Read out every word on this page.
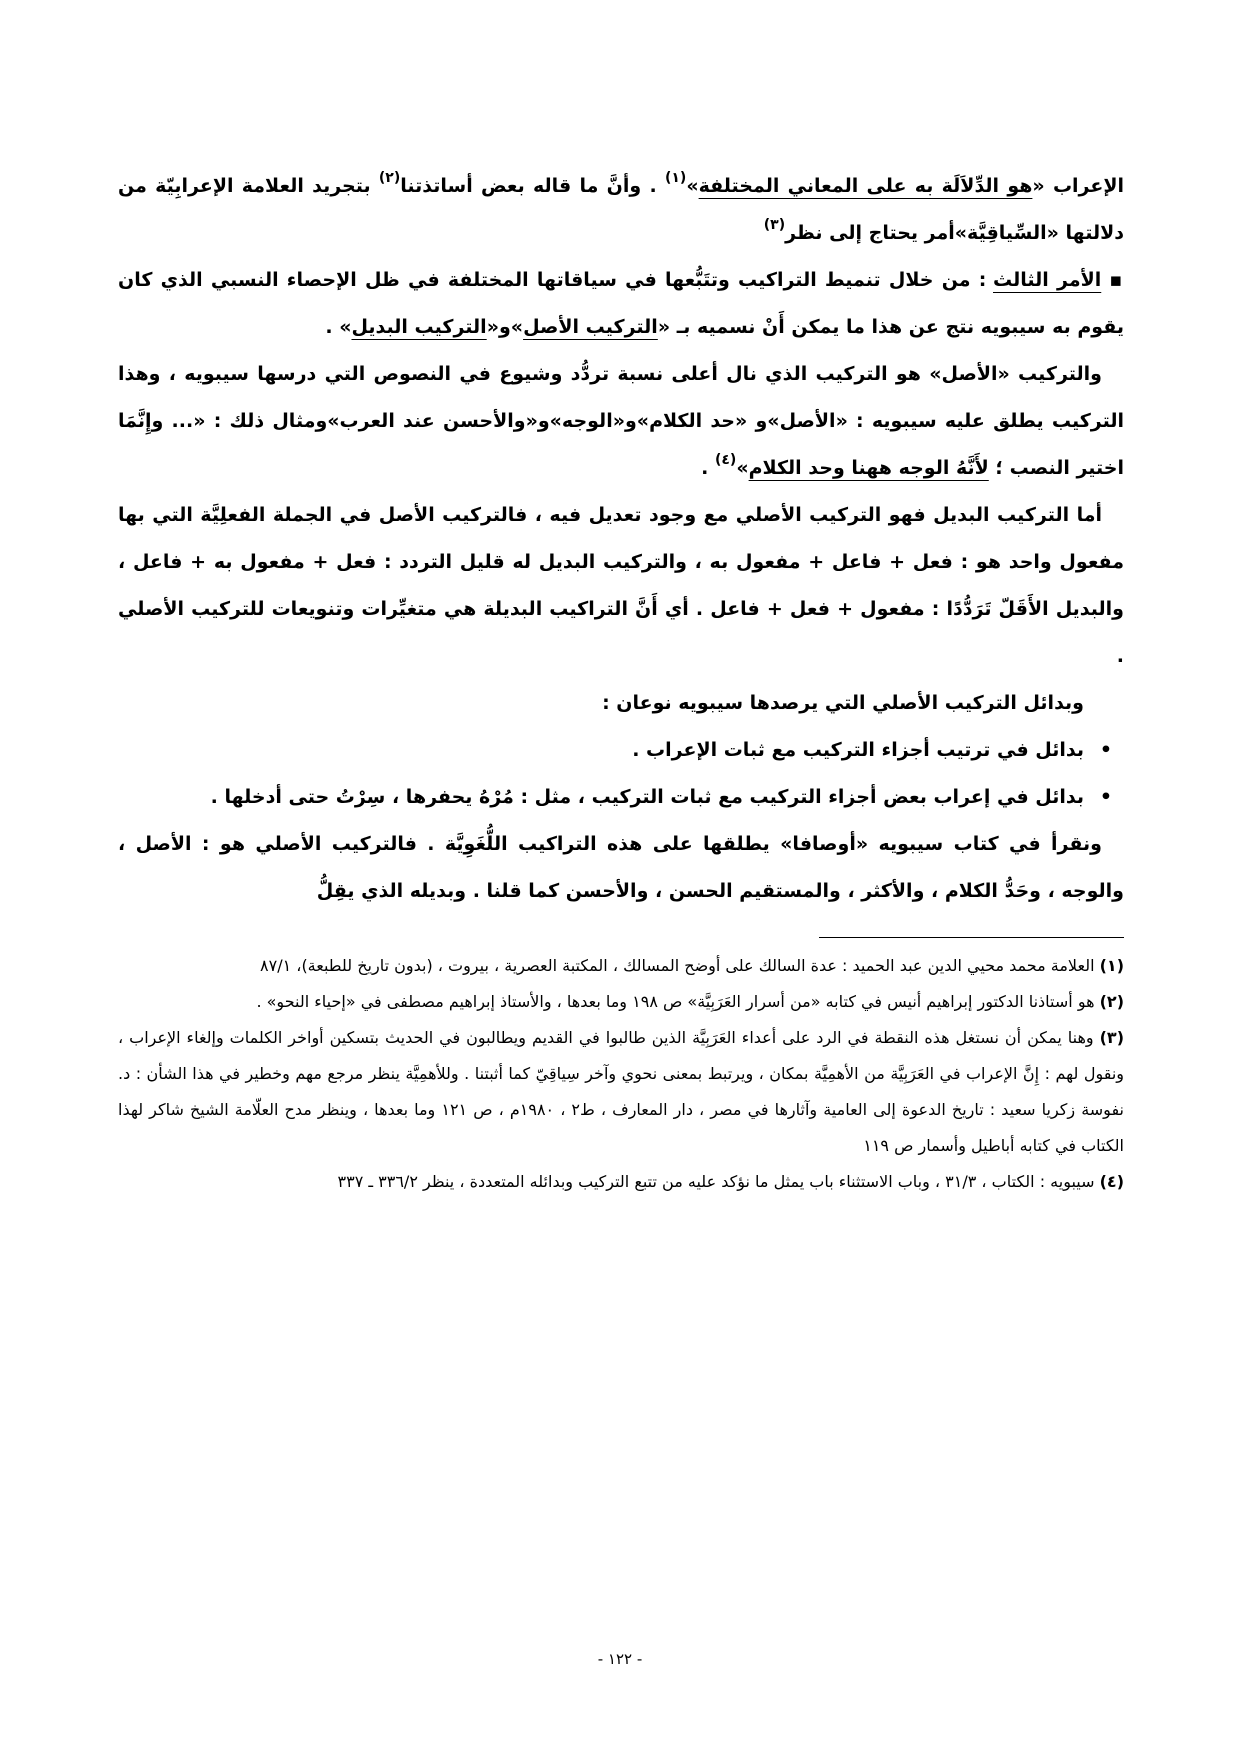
الإعراب «هو الدِّلاَلَة به على المعاني المختلفة»$^{(١)}$ . وأنَّ ما قاله بعض أساتذتنا$^{(٢)}$ بتجريد العلامة الإعرابِيّة من دلالتها «السِّياقِيَّة»أمر يحتاج إلى نظر$^{(٣)}$

▪ الأمر الثالث : من خلال تنميط التراكيب وتتَبُّعها في سياقاتها المختلفة في ظل الإحصاء النسبي الذي كان يقوم به سيبويه نتج عن هذا ما يمكن أَنْ نسميه بـ «التركيب الأصل»و«التركيب البديل» .

والتركيب «الأصل» هو التركيب الذي نال أعلى نسبة تردُّد وشيوع في النصوص التي درسها سيبويه ، وهذا التركيب يطلق عليه سيبويه : «الأصل»و «حد الكلام»و«الوجه»و«والأحسن عند العرب»ومثال ذلك : «... وإِنَّمَا اختير النصب ؛ لأَنَّهُ الوجه ههنا وحد الكلام»$^{(٤)}$ .

أما التركيب البديل فهو التركيب الأصلي مع وجود تعديل فيه ، فالتركيب الأصل في الجملة الفعلِيَّة التي بها مفعول واحد هو : فعل + فاعل + مفعول به ، والتركيب البديل له قليل التردد : فعل + مفعول به + فاعل ، والبديل الأَقَلّ تَرَدُّدًا : مفعول + فعل + فاعل . أي أَنَّ التراكيب البديلة هي متغيِّرات وتنويعات للتركيب الأصلي .

وبدائل التركيب الأصلي التي يرصدها سيبويه نوعان :

• بدائل في ترتيب أجزاء التركيب مع ثبات الإعراب .
• بدائل في إعراب بعض أجزاء التركيب مع ثبات التركيب ، مثل : مُرْهُ يحفرها ، سِرْتُ حتى أدخلها .

ونقرأ في كتاب سيبويه «أوصافا» يطلقها على هذه التراكيب اللُّغَوِيَّة . فالتركيب الأصلي هو : الأصل ، والوجه ، وحَدُّ الكلام ، والأكثر ، والمستقيم الحسن ، والأحسن كما قلنا . وبديله الذي يقِلُّ

(١) العلامة محمد محيي الدين عبد الحميد : عدة السالك على أوضح المسالك ، المكتبة العصرية ، بيروت ، (بدون تاريخ للطبعة)، ٨٧/١

(٢) هو أستاذنا الدكتور إبراهيم أنيس في كتابه «من أسرار العَرَبِيَّة» ص ١٩٨ وما بعدها ، والأستاذ إبراهيم مصطفى في «إحياء النحو» .

(٣) وهنا يمكن أن نستغل هذه النقطة في الرد على أعداء العَرَبِيَّة الذين طالبوا في القديم ويطالبون في الحديث بتسكين أواخر الكلمات وإلغاء الإعراب ، ونقول لهم : إِنَّ الإعراب في العَرَبِيَّة من الأهمِيَّة بمكان ، ويرتبط بمعنى نحوي وآخر سِياقِيّ كما أثبتنا . وللأهمِيَّة ينظر مرجع مهم وخطير في هذا الشأن : د. نفوسة زكريا سعيد : تاريخ الدعوة إلى العامية وآثارها في مصر ، دار المعارف ، ط٢ ، ١٩٨٠م ، ص ١٢١ وما بعدها ، وينظر مدح العلّامة الشيخ شاكر لهذا الكتاب في كتابه أباطيل وأسمار ص ١١٩

(٤) سيبويه : الكتاب ، ٣١/٣ ، وباب الاستثناء باب يمثل ما نؤكد عليه من تتبع التركيب وبدائله المتعددة ، ينظر ٣٣٦/٢ ـ ٣٣٧

- ١٢٢ -
